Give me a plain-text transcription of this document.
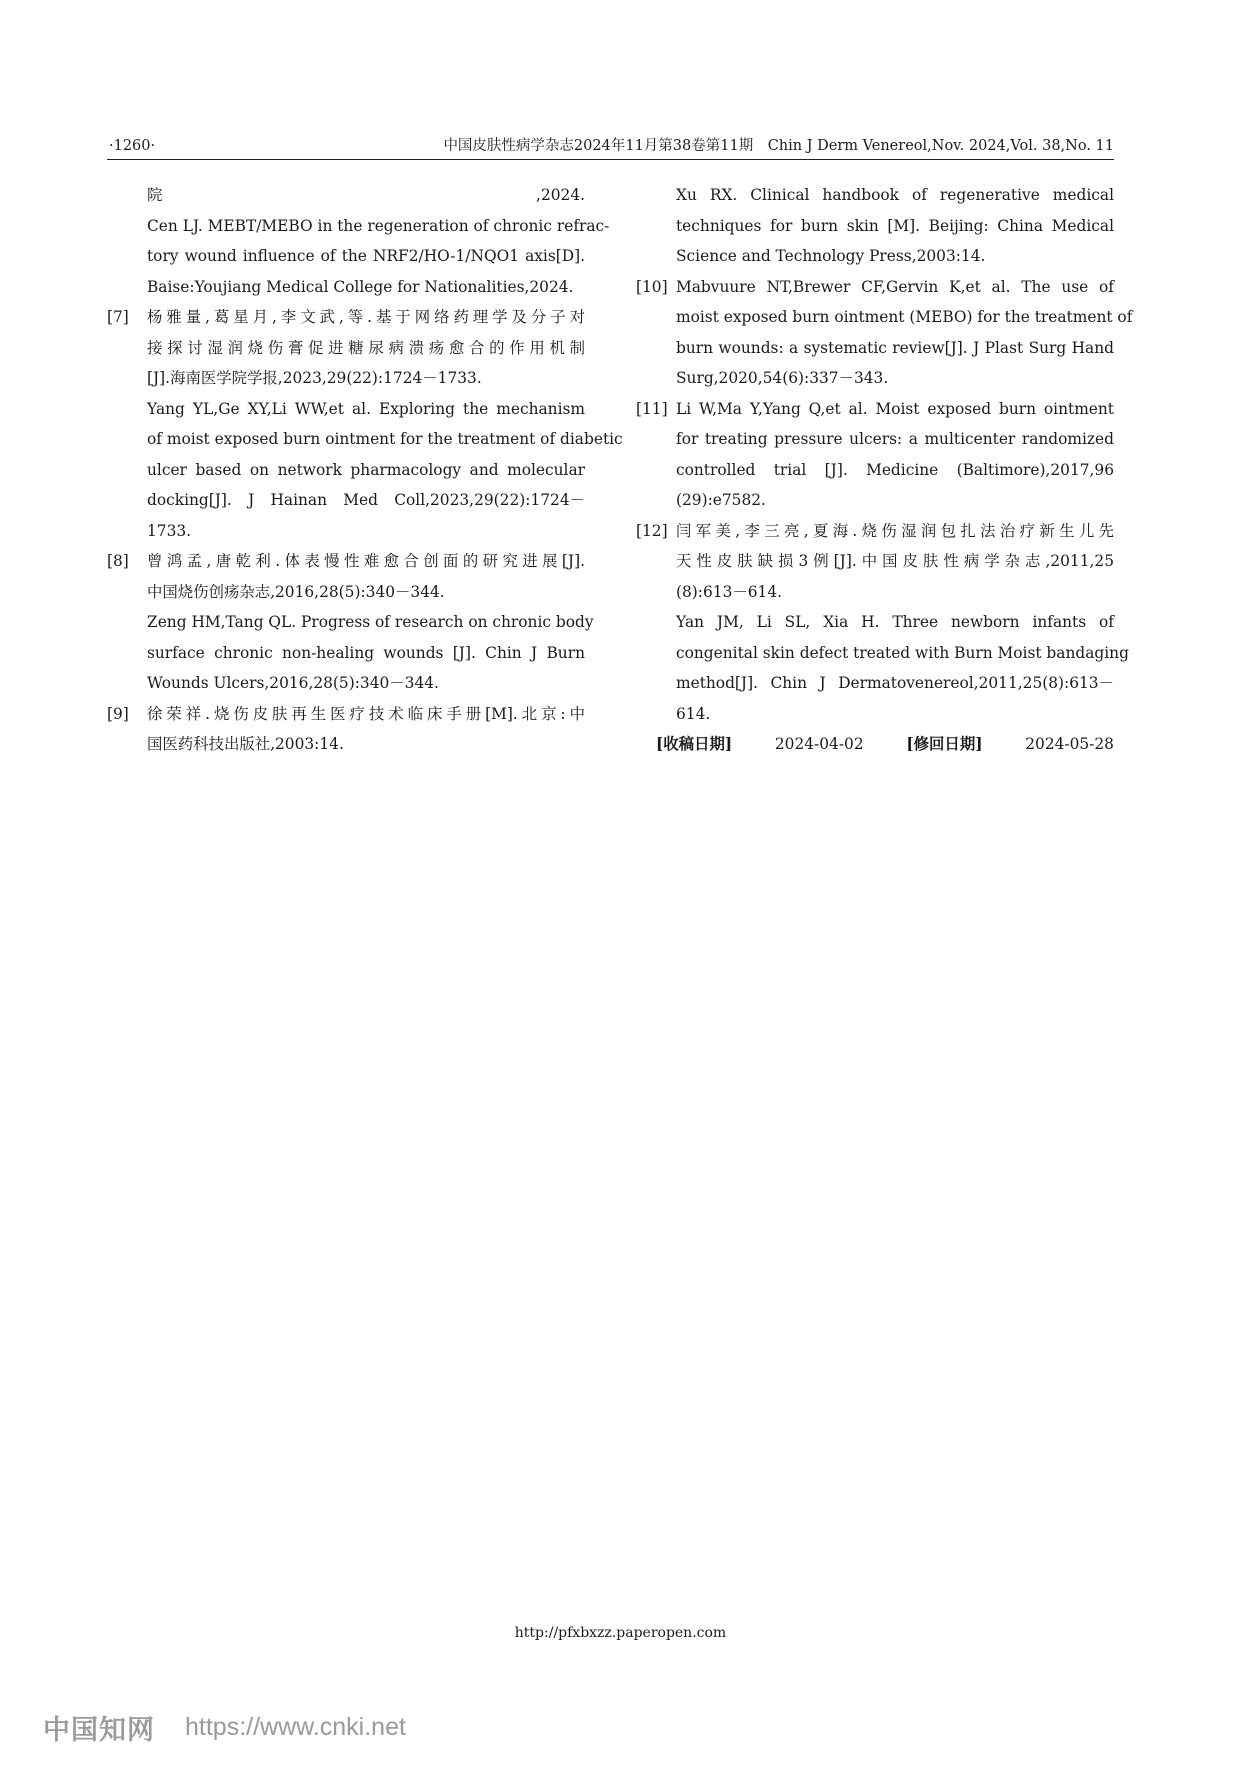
·1260·	中国皮肤性病学杂志2024年11月第38卷第11期　Chin J Derm Venereol,Nov. 2024,Vol. 38,No. 11
院,2024.
Cen LJ. MEBT/MEBO in the regeneration of chronic refrac-
tory wound influence of the NRF2/HO-1/NQO1 axis[D].
Baise:Youjiang Medical College for Nationalities,2024.
[7] 杨雅量,葛星月,李文武,等.基于网络药理学及分子对
接探讨湿润烧伤膏促进糖尿病溃疡愈合的作用机制
[J].海南医学院学报,2023,29(22):1724－1733.
Yang YL,Ge XY,Li WW,et al. Exploring the mechanism
of moist exposed burn ointment for the treatment of diabetic
ulcer based on network pharmacology and molecular
docking[J]. J Hainan Med Coll,2023,29(22):1724－
1733.
[8] 曾鸿孟,唐乾利.体表慢性难愈合创面的研究进展[J].
中国烧伤创疡杂志,2016,28(5):340－344.
Zeng HM,Tang QL. Progress of research on chronic body
surface chronic non-healing wounds [J]. Chin J Burn
Wounds Ulcers,2016,28(5):340－344.
[9] 徐荣祥.烧伤皮肤再生医疗技术临床手册[M].北京:中
国医药科技出版社,2003:14.
Xu RX. Clinical handbook of regenerative medical
techniques for burn skin [M]. Beijing: China Medical
Science and Technology Press,2003:14.
[10] Mabvuure NT,Brewer CF,Gervin K,et al. The use of
moist exposed burn ointment (MEBO) for the treatment of
burn wounds: a systematic review[J]. J Plast Surg Hand
Surg,2020,54(6):337－343.
[11] Li W,Ma Y,Yang Q,et al. Moist exposed burn ointment
for treating pressure ulcers: a multicenter randomized
controlled trial [J]. Medicine (Baltimore),2017,96
(29):e7582.
[12] 闫军美,李三亮,夏海.烧伤湿润包扎法治疗新生儿先
天性皮肤缺损3例[J].中国皮肤性病学杂志,2011,25
(8):613－614.
Yan JM, Li SL, Xia H. Three newborn infants of
congenital skin defect treated with Burn Moist bandaging
method[J]. Chin J Dermatovenereol,2011,25(8):613－
614.
[收稿日期]	2024-04-02	[修回日期]	2024-05-28
http://pfxbxzz.paperopen.com
中国知网 https://www.cnki.net
